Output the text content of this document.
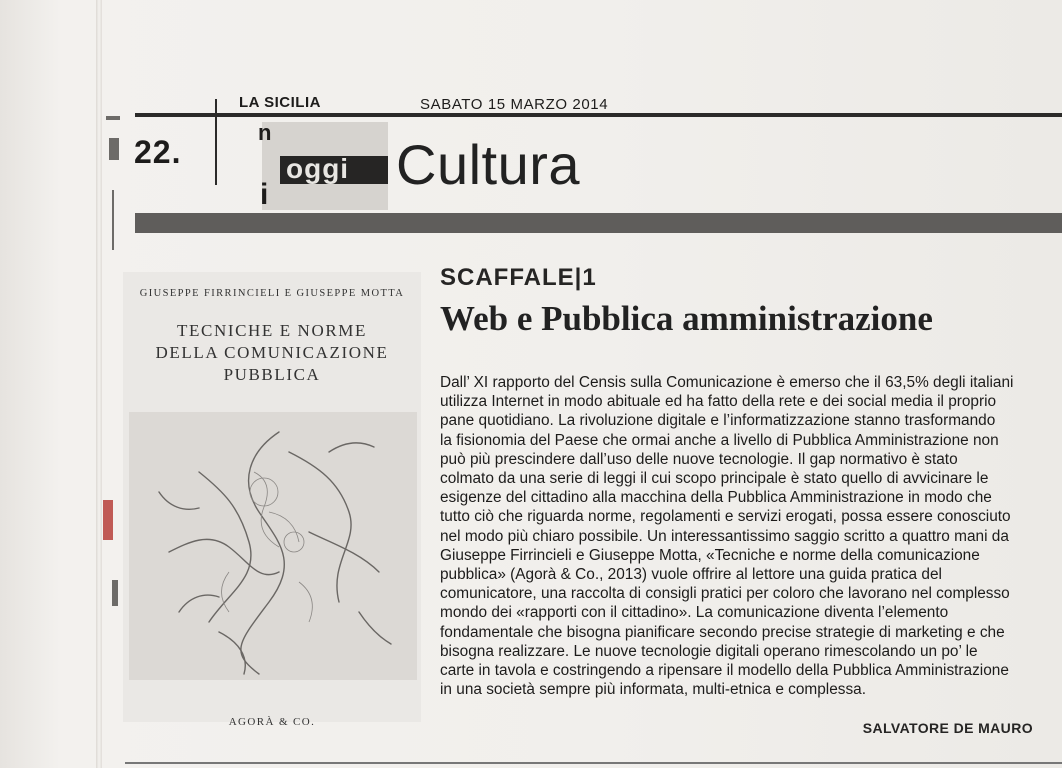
LA SICILIA	SABATO 15 MARZO 2014
22.
n
oggi
i Cultura
GIUSEPPE FIRRINCIELI E GIUSEPPE MOTTA
TECNICHE E NORME
DELLA COMUNICAZIONE
PUBBLICA
AGORÀ & CO.
SCAFFALE|1
Web e Pubblica amministrazione
Dall’ XI rapporto del Censis sulla Comunicazione è emerso che il 63,5% degli italiani
utilizza Internet in modo abituale ed ha fatto della rete e dei social media il proprio
pane quotidiano. La rivoluzione digitale e l’informatizzazione stanno trasformando
la fisionomia del Paese che ormai anche a livello di Pubblica Amministrazione non
può più prescindere dall’uso delle nuove tecnologie. Il gap normativo è stato
colmato da una serie di leggi il cui scopo principale è stato quello di avvicinare le
esigenze del cittadino alla macchina della Pubblica Amministrazione in modo che
tutto ciò che riguarda norme, regolamenti e servizi erogati, possa essere conosciuto
nel modo più chiaro possibile. Un interessantissimo saggio scritto a quattro mani da
Giuseppe Firrincieli e Giuseppe Motta, «Tecniche e norme della comunicazione
pubblica» (Agorà & Co., 2013) vuole offrire al lettore una guida pratica del
comunicatore, una raccolta di consigli pratici per coloro che lavorano nel complesso
mondo dei «rapporti con il cittadino». La comunicazione diventa l’elemento
fondamentale che bisogna pianificare secondo precise strategie di marketing e che
bisogna realizzare. Le nuove tecnologie digitali operano rimescolando un po’ le
carte in tavola e costringendo a ripensare il modello della Pubblica Amministrazione
in una società sempre più informata, multi-etnica e complessa.
SALVATORE DE MAURO
